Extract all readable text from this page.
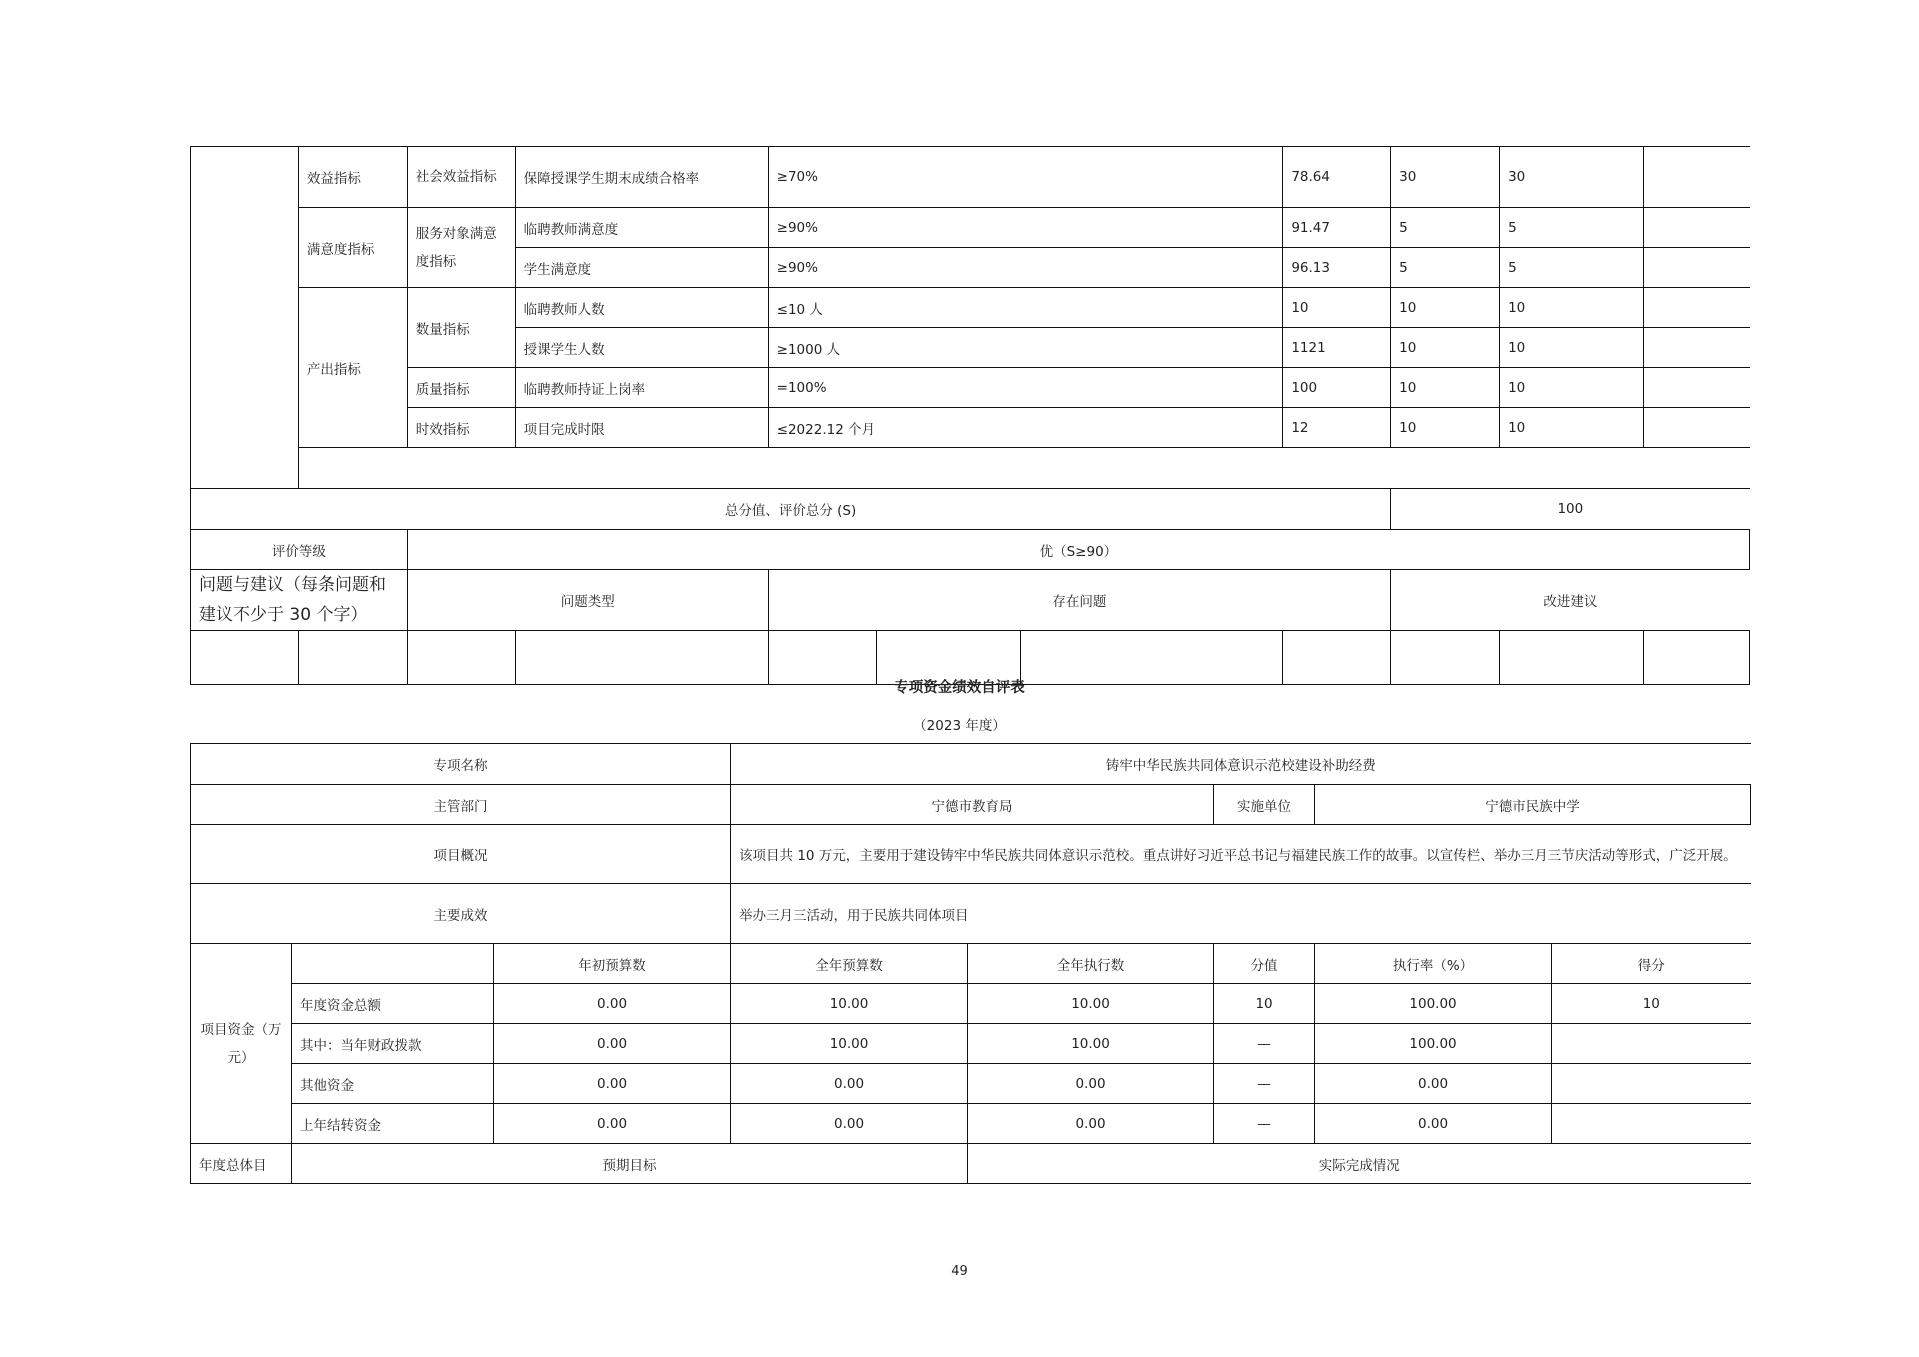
	效益指标	社会效益指标	保障授课学生期末成绩合格率	≥70%			78.64	30	30	
	满意度指标	服务对象满意度指标	临聘教师满意度	≥90%			91.47	5	5	
			学生满意度	≥90%			96.13	5	5	
	产出指标	数量指标	临聘教师人数	≤10 人			10	10	10	
			授课学生人数	≥1000 人			1121	10	10	
		质量指标	临聘教师持证上岗率	=100%			100	10	10	
		时效指标	项目完成时限	≤2022.12 个月			12	10	10	

总分值、评价总分 (S)								100		
评价等级		优（S≥90）								
问题与建议（每条问题和建议不少于 30 个字）		问题类型		存在问题				改进建议		

专项资金绩效自评表
（2023 年度）
专项名称			铸牢中华民族共同体意识示范校建设补助经费				
主管部门			宁德市教育局		实施单位	宁德市民族中学	
项目概况			该项目共 10 万元，主要用于建设铸牢中华民族共同体意识示范校。重点讲好习近平总书记与福建民族工作的故事。以宣传栏、举办三月三节庆活动等形式，广泛开展。				
主要成效			举办三月三活动，用于民族共同体项目				
项目资金（万元）		年初预算数	全年预算数	全年执行数	分值	执行率（%）	得分
	年度资金总额	0.00	10.00	10.00	10	100.00	10
	其中：当年财政拨款	0.00	10.00	10.00	—	100.00	
	其他资金	0.00	0.00	0.00	—	0.00	
	上年结转资金	0.00	0.00	0.00	—	0.00	
年度总体目	预期目标			实际完成情况			
49
